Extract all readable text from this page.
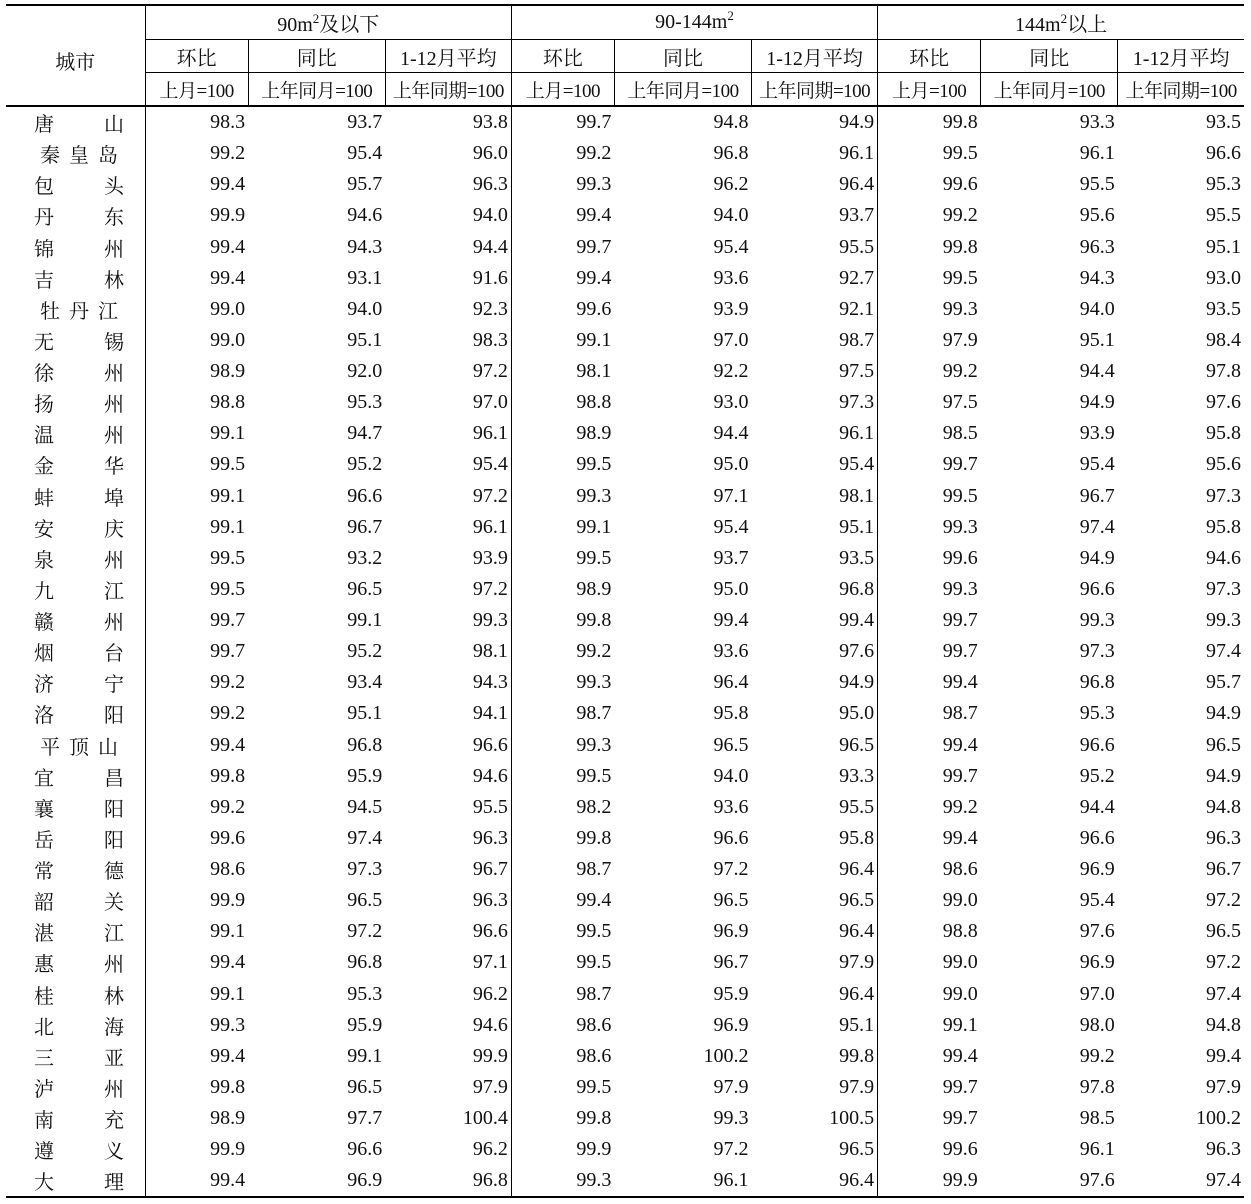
城市	$90m^2$及以下			$90-144m^2$			$144m^2$以上		
	环比	同比	1-12月平均	环比	同比	1-12月平均	环比	同比	1-12月平均
	上月=100	上年同月=100	上年同期=100	上月=100	上年同月=100	上年同期=100	上月=100	上年同月=100	上年同期=100

唐 山	98.3	93.7	93.8	99.7	94.8	94.9	99.8	93.3	93.5

秦 皇 岛	99.2	95.4	96.0	99.2	96.8	96.1	99.5	96.1	96.6

包 头	99.4	95.7	96.3	99.3	96.2	96.4	99.6	95.5	95.3

丹 东	99.9	94.6	94.0	99.4	94.0	93.7	99.2	95.6	95.5

锦 州	99.4	94.3	94.4	99.7	95.4	95.5	99.8	96.3	95.1

吉 林	99.4	93.1	91.6	99.4	93.6	92.7	99.5	94.3	93.0

牡 丹 江	99.0	94.0	92.3	99.6	93.9	92.1	99.3	94.0	93.5

无 锡	99.0	95.1	98.3	99.1	97.0	98.7	97.9	95.1	98.4

徐 州	98.9	92.0	97.2	98.1	92.2	97.5	99.2	94.4	97.8

扬 州	98.8	95.3	97.0	98.8	93.0	97.3	97.5	94.9	97.6

温 州	99.1	94.7	96.1	98.9	94.4	96.1	98.5	93.9	95.8

金 华	99.5	95.2	95.4	99.5	95.0	95.4	99.7	95.4	95.6

蚌 埠	99.1	96.6	97.2	99.3	97.1	98.1	99.5	96.7	97.3

安 庆	99.1	96.7	96.1	99.1	95.4	95.1	99.3	97.4	95.8

泉 州	99.5	93.2	93.9	99.5	93.7	93.5	99.6	94.9	94.6

九 江	99.5	96.5	97.2	98.9	95.0	96.8	99.3	96.6	97.3

赣 州	99.7	99.1	99.3	99.8	99.4	99.4	99.7	99.3	99.3

烟 台	99.7	95.2	98.1	99.2	93.6	97.6	99.7	97.3	97.4

济 宁	99.2	93.4	94.3	99.3	96.4	94.9	99.4	96.8	95.7

洛 阳	99.2	95.1	94.1	98.7	95.8	95.0	98.7	95.3	94.9

平 顶 山	99.4	96.8	96.6	99.3	96.5	96.5	99.4	96.6	96.5

宜 昌	99.8	95.9	94.6	99.5	94.0	93.3	99.7	95.2	94.9

襄 阳	99.2	94.5	95.5	98.2	93.6	95.5	99.2	94.4	94.8

岳 阳	99.6	97.4	96.3	99.8	96.6	95.8	99.4	96.6	96.3

常 德	98.6	97.3	96.7	98.7	97.2	96.4	98.6	96.9	96.7

韶 关	99.9	96.5	96.3	99.4	96.5	96.5	99.0	95.4	97.2

湛 江	99.1	97.2	96.6	99.5	96.9	96.4	98.8	97.6	96.5

惠 州	99.4	96.8	97.1	99.5	96.7	97.9	99.0	96.9	97.2

桂 林	99.1	95.3	96.2	98.7	95.9	96.4	99.0	97.0	97.4

北 海	99.3	95.9	94.6	98.6	96.9	95.1	99.1	98.0	94.8

三 亚	99.4	99.1	99.9	98.6	100.2	99.8	99.4	99.2	99.4

泸 州	99.8	96.5	97.9	99.5	97.9	97.9	99.7	97.8	97.9

南 充	98.9	97.7	100.4	99.8	99.3	100.5	99.7	98.5	100.2

遵 义	99.9	96.6	96.2	99.9	97.2	96.5	99.6	96.1	96.3

大 理	99.4	96.9	96.8	99.3	96.1	96.4	99.9	97.6	97.4
